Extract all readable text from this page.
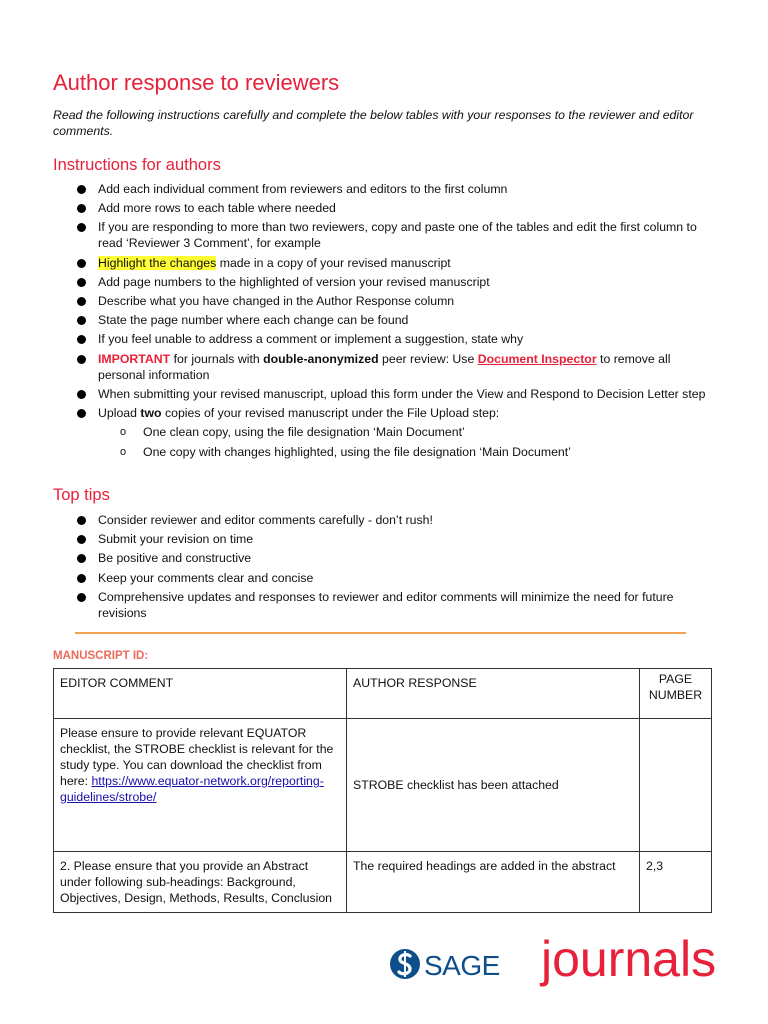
Author response to reviewers

Read the following instructions carefully and complete the below tables with your responses to the reviewer and editor comments.

Instructions for authors
Add each individual comment from reviewers and editors to the first column
Add more rows to each table where needed
If you are responding to more than two reviewers, copy and paste one of the tables and edit the first column to read ‘Reviewer 3 Comment’, for example
Highlight the changes made in a copy of your revised manuscript
Add page numbers to the highlighted of version your revised manuscript
Describe what you have changed in the Author Response column
State the page number where each change can be found
If you feel unable to address a comment or implement a suggestion, state why
IMPORTANT for journals with double-anonymized peer review: Use Document Inspector to remove all personal information
When submitting your revised manuscript, upload this form under the View and Respond to Decision Letter step
Upload two copies of your revised manuscript under the File Upload step:
o One clean copy, using the file designation ‘Main Document’
o One copy with changes highlighted, using the file designation ‘Main Document’
Top tips
Consider reviewer and editor comments carefully - don’t rush!
Submit your revision on time
Be positive and constructive
Keep your comments clear and concise
Comprehensive updates and responses to reviewer and editor comments will minimize the need for future revisions

MANUSCRIPT ID:

EDITOR COMMENT	AUTHOR RESPONSE	PAGE NUMBER
Please ensure to provide relevant EQUATOR checklist, the STROBE checklist is relevant for the study type. You can download the checklist from here: https://www.equator-network.org/reporting-guidelines/strobe/	STROBE checklist has been attached	
2. Please ensure that you provide an Abstract under following sub-headings: Background, Objectives, Design, Methods, Results, Conclusion	The required headings are added in the abstract	2,3
SAGE journals
